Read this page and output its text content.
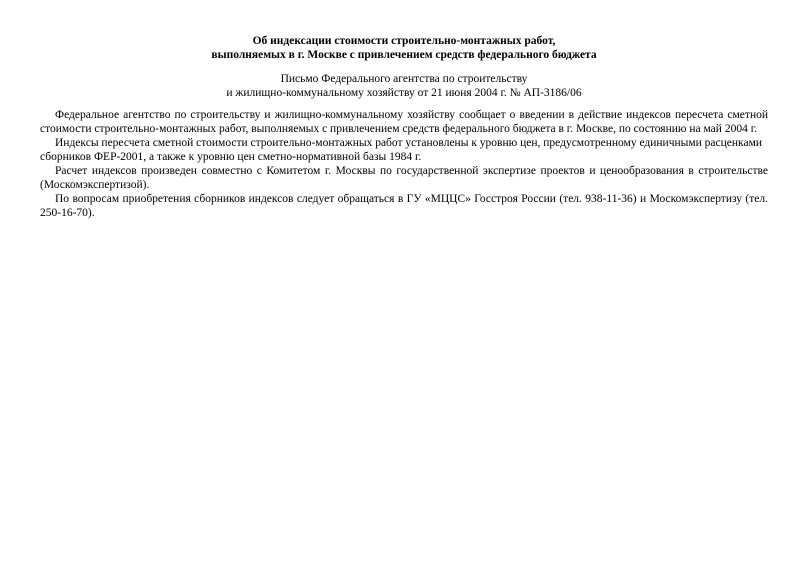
Об индексации стоимости строительно-монтажных работ,
выполняемых в г. Москве с привлечением средств федерального бюджета

Письмо Федерального агентства по строительству
и жилищно-коммунальному хозяйству от 21 июня 2004 г. № АП-3186/06

Федеральное агентство по строительству и жилищно-коммунальному хозяйству сообщает о введении в действие индексов пересчета сметной стоимости строительно-монтажных работ, выполняемых с привлечением средств федерального бюджета в г. Москве, по состоянию на май 2004 г.

Индексы пересчета сметной стоимости строительно-монтажных работ установлены к уровню цен, предусмотренному единичными расценками сборников ФЕР-2001, а также к уровню цен сметно-нормативной базы 1984 г.

Расчет индексов произведен совместно с Комитетом г. Москвы по государственной экспертизе проектов и ценообразования в строительстве (Москомэкспертизой).

По вопросам приобретения сборников индексов следует обращаться в ГУ «МЦЦС» Госстроя России (тел. 938-11-36) и Москомэкспертизу (тел. 250-16-70).
